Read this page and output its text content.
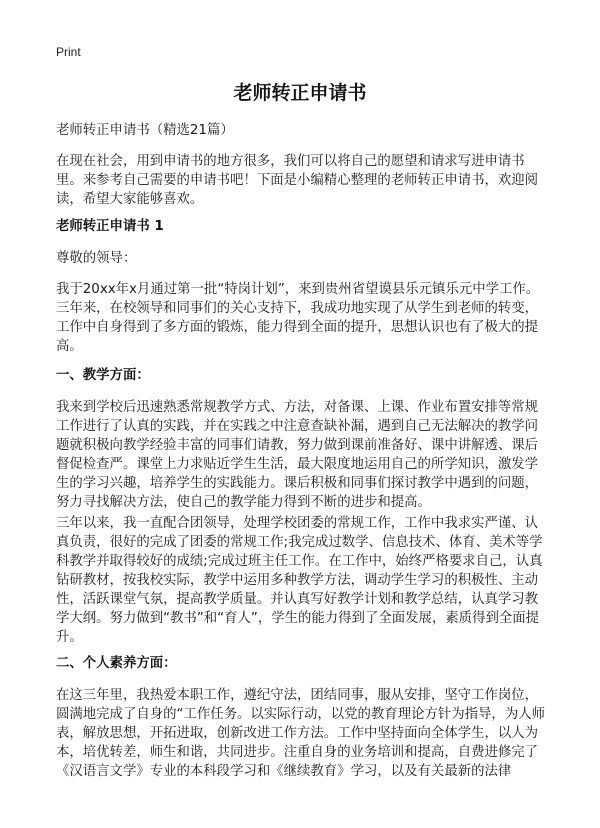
Print
老师转正申请书

老师转正申请书（精选21篇）

在现在社会，用到申请书的地方很多，我们可以将自己的愿望和请求写进申请书里。来参考自己需要的申请书吧！下面是小编精心整理的老师转正申请书，欢迎阅读，希望大家能够喜欢。

老师转正申请书 1

尊敬的领导：

我于20xx年x月通过第一批“特岗计划”，来到贵州省望谟县乐元镇乐元中学工作。三年来，在校领导和同事们的关心支持下，我成功地实现了从学生到老师的转变，工作中自身得到了多方面的锻炼，能力得到全面的提升，思想认识也有了极大的提高。

一、教学方面：

我来到学校后迅速熟悉常规教学方式、方法，对备课、上课、作业布置安排等常规工作进行了认真的实践，并在实践之中注意查缺补漏，遇到自己无法解决的教学问题就积极向教学经验丰富的同事们请教，努力做到课前准备好、课中讲解透、课后督促检查严。课堂上力求贴近学生生活，最大限度地运用自己的所学知识，激发学生的学习兴趣，培养学生的实践能力。课后积极和同事们探讨教学中遇到的问题，努力寻找解决方法，使自己的教学能力得到不断的进步和提高。

三年以来，我一直配合团领导，处理学校团委的常规工作，工作中我求实严谨、认真负责，很好的完成了团委的常规工作;我完成过数学、信息技术、体育、美术等学科教学并取得较好的成绩;完成过班主任工作。在工作中，始终严格要求自己，认真钻研教材，按我校实际，教学中运用多种教学方法，调动学生学习的积极性、主动性，活跃课堂气氛，提高教学质量。并认真写好教学计划和教学总结，认真学习教学大纲。努力做到“教书”和“育人”，学生的能力得到了全面发展，素质得到全面提升。

二、个人素养方面：

在这三年里，我热爱本职工作，遵纪守法，团结同事，服从安排，坚守工作岗位，圆满地完成了自身的“工作任务。以实际行动，以党的教育理论方针为指导，为人师表，解放思想，开拓进取，创新改进工作方法。工作中坚持面向全体学生，以人为本，培优转差，师生和谐，共同进步。注重自身的业务培训和提高，自费进修完了《汉语言文学》专业的本科段学习和《继续教育》学习，以及有关最新的法律
